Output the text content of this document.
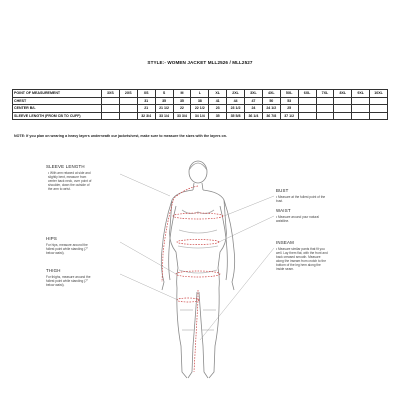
STYLE:- WOMEN JACKET MLL2526 / MLL2527
POINT OF MEASUREMENT	3XS	2XS	XS	S	M	L	XL	2XL	3XL	4XL	5XL	6XL	7XL	8XL	9XL	10XL
CHEST			31	35	35	38	41	44	47	50	53					
CENTER B/L			21	21 1/2	22	22 1/2	23	23 1/2	24	24 1/2	25					
SLEEVE LENGTH (FROM CB TO CUFF)			32 3/4	33 1/4	33 3/4	34 1/4	35	35 5/8	36 1/4	36 7/8	37 1/2					
NOTE: If you plan on wearing a heavy layers underneath our jackets/vest, make sure to measure the sizes with the layers on.
SLEEVE LENGTH
• With arm relaxed at side and slightly bent, measure from center back neck, over point of shoulder, down the outside of the arm to wrist.
HIPS
For hips, measure around the fullest point while standing (7" below waist).
THIGH
For thighs, measure around the fullest point while standing (7" below waist).
BUST
• Measure at the fullest point of the bust.
WAIST
• Measure around your natural waistline.
INSEAM
• Measure similar pants that fit you well. Lay them flat, with the front and back creased smooth. Measure along the inseam from crotch to the bottom of the leg hem along the inside seam.
